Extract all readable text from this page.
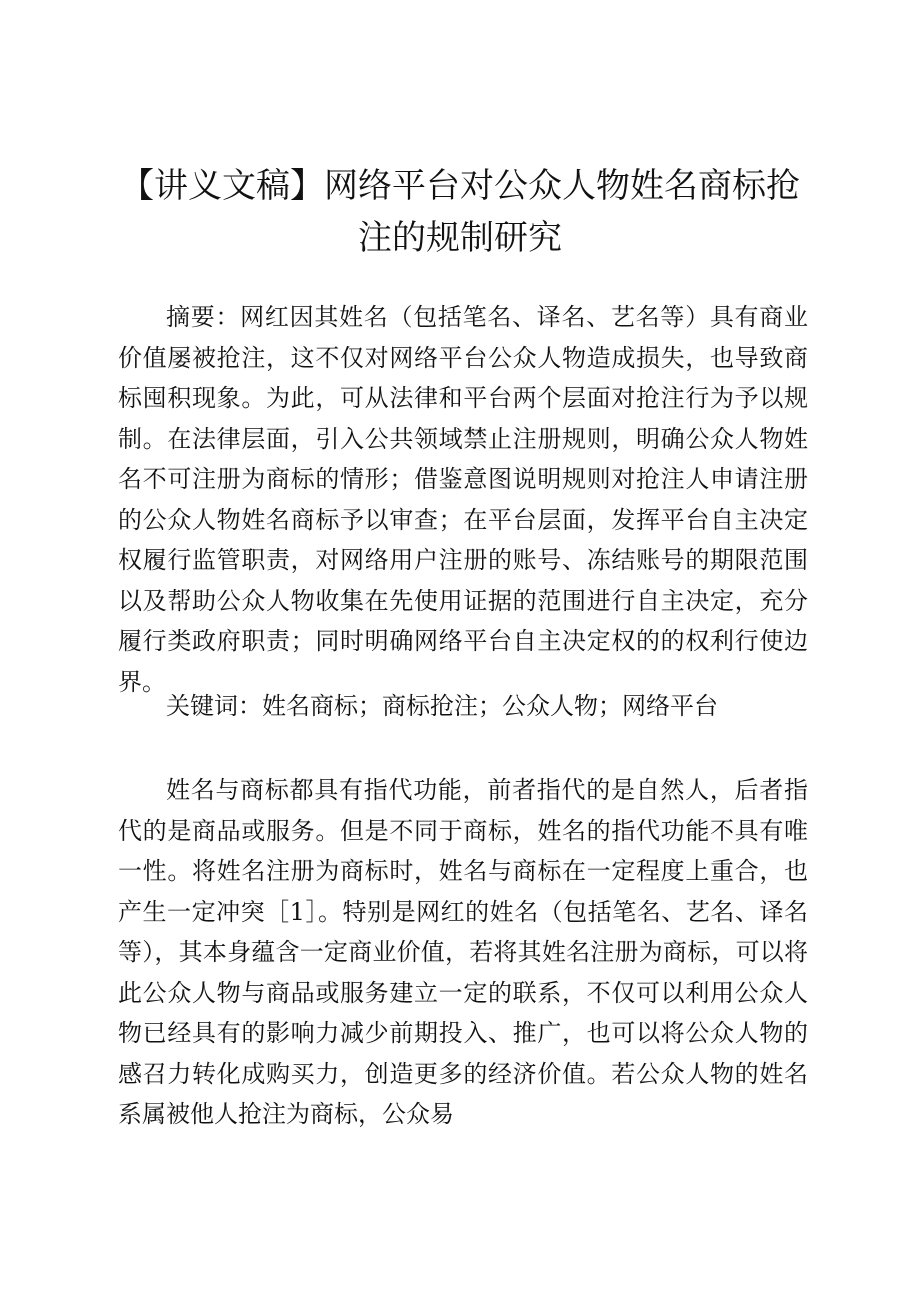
【讲义文稿】网络平台对公众人物姓名商标抢
注的规制研究

摘要：网红因其姓名（包括笔名、译名、艺名等）具有商业价值屡被抢注，这不仅对网络平台公众人物造成损失，也导致商标囤积现象。为此，可从法律和平台两个层面对抢注行为予以规制。在法律层面，引入公共领域禁止注册规则，明确公众人物姓名不可注册为商标的情形；借鉴意图说明规则对抢注人申请注册的公众人物姓名商标予以审查；在平台层面，发挥平台自主决定权履行监管职责，对网络用户注册的账号、冻结账号的期限范围以及帮助公众人物收集在先使用证据的范围进行自主决定，充分履行类政府职责；同时明确网络平台自主决定权的的权利行使边界。

关键词：姓名商标；商标抢注；公众人物；网络平台

姓名与商标都具有指代功能，前者指代的是自然人，后者指代的是商品或服务。但是不同于商标，姓名的指代功能不具有唯一性。将姓名注册为商标时，姓名与商标在一定程度上重合，也产生一定冲突［1］。特别是网红的姓名（包括笔名、艺名、译名等），其本身蕴含一定商业价值，若将其姓名注册为商标，可以将此公众人物与商品或服务建立一定的联系，不仅可以利用公众人物已经具有的影响力减少前期投入、推广，也可以将公众人物的感召力转化成购买力，创造更多的经济价值。若公众人物的姓名系属被他人抢注为商标，公众易
